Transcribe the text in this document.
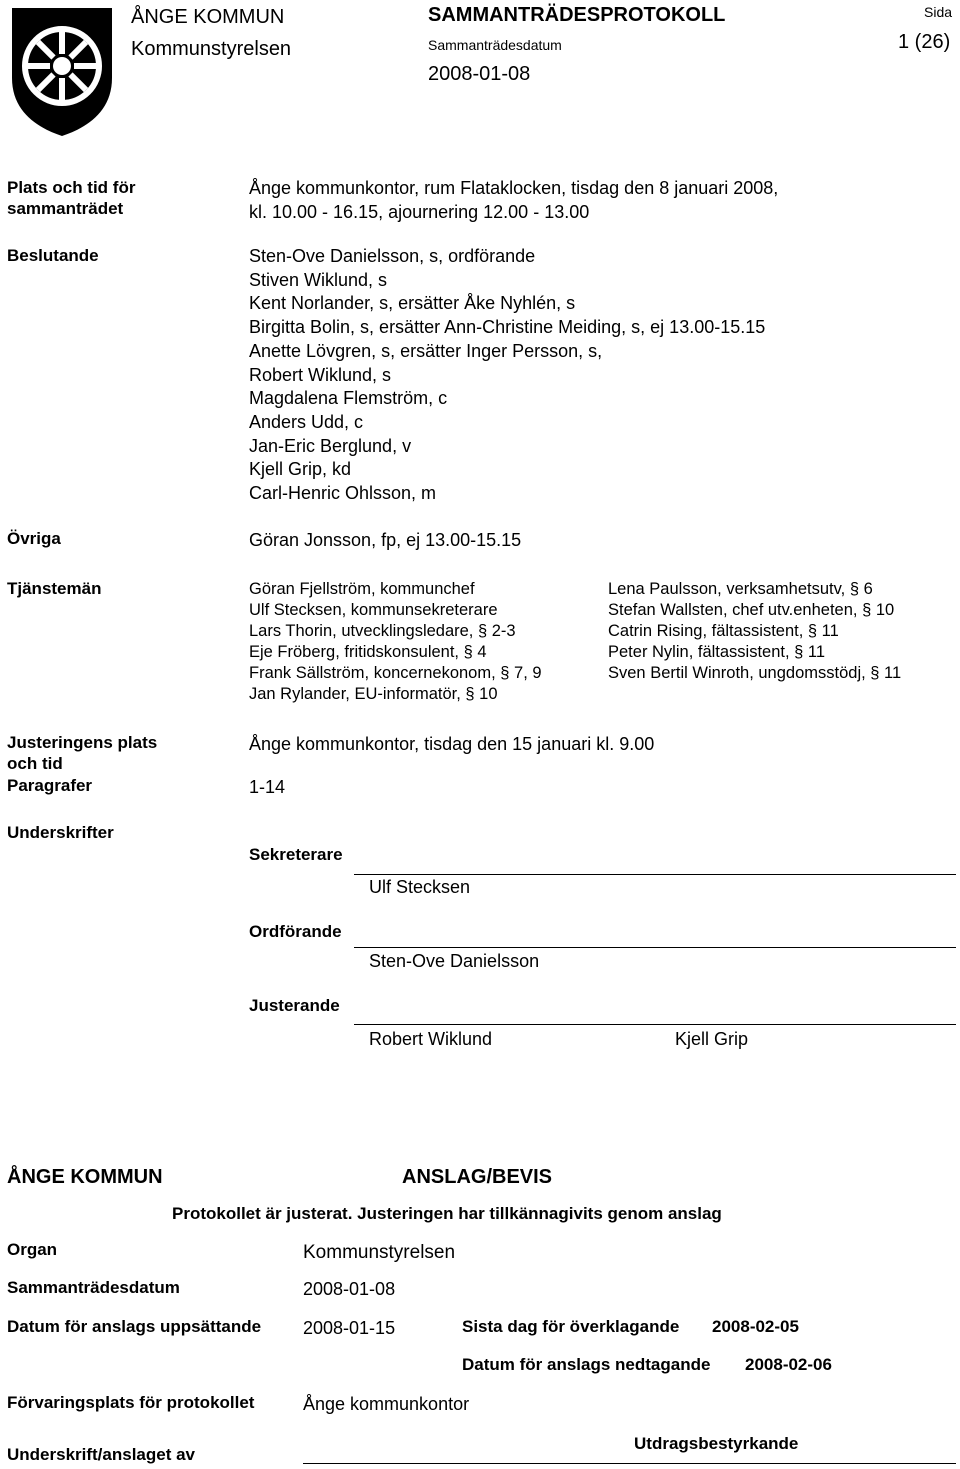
ÅNGE KOMMUN
Kommunstyrelsen
SAMMANTRÄDESPROTOKOLL
Sammanträdesdatum
2008-01-08
Sida
1 (26)
Plats och tid för
sammanträdet
Ånge kommunkontor, rum Flataklocken, tisdag den 8 januari 2008,
kl. 10.00 - 16.15, ajournering 12.00 - 13.00
Beslutande	Sten-Ove Danielsson, s, ordförande
Stiven Wiklund, s
Kent Norlander, s, ersätter Åke Nyhlén, s
Birgitta Bolin, s, ersätter Ann-Christine Meiding, s, ej 13.00-15.15
Anette Lövgren, s, ersätter Inger Persson, s,
Robert Wiklund, s
Magdalena Flemström, c
Anders Udd, c
Jan-Eric Berglund, v
Kjell Grip, kd
Carl-Henric Ohlsson, m
Övriga	Göran Jonsson, fp, ej 13.00-15.15
Tjänstemän	Göran Fjellström, kommunchef
Ulf Stecksen, kommunsekreterare
Lars Thorin, utvecklingsledare, § 2-3
Eje Fröberg, fritidskonsulent, § 4
Frank Sällström, koncernekonom, § 7, 9
Jan Rylander, EU-informatör, § 10
Lena Paulsson, verksamhetsutv, § 6
Stefan Wallsten, chef utv.enheten, § 10
Catrin Rising, fältassistent, § 11
Peter Nylin, fältassistent, § 11
Sven Bertil Winroth, ungdomsstödj, § 11
Justeringens plats
och tid
Ånge kommunkontor, tisdag den 15 januari kl. 9.00
Paragrafer	1-14
Underskrifter
Sekreterare
Ulf Stecksen
Ordförande
Sten-Ove Danielsson
Justerande
Robert Wiklund	Kjell Grip
ÅNGE KOMMUN	ANSLAG/BEVIS
Protokollet är justerat. Justeringen har tillkännagivits genom anslag
Organ	Kommunstyrelsen
Sammanträdesdatum	2008-01-08
Datum för anslags uppsättande 2008-01-15	Sista dag för överklagande 2008-02-05
Datum för anslags nedtagande 2008-02-06
Förvaringsplats för protokollet	Ånge kommunkontor
Underskrift/anslaget av
Utdragsbestyrkande
